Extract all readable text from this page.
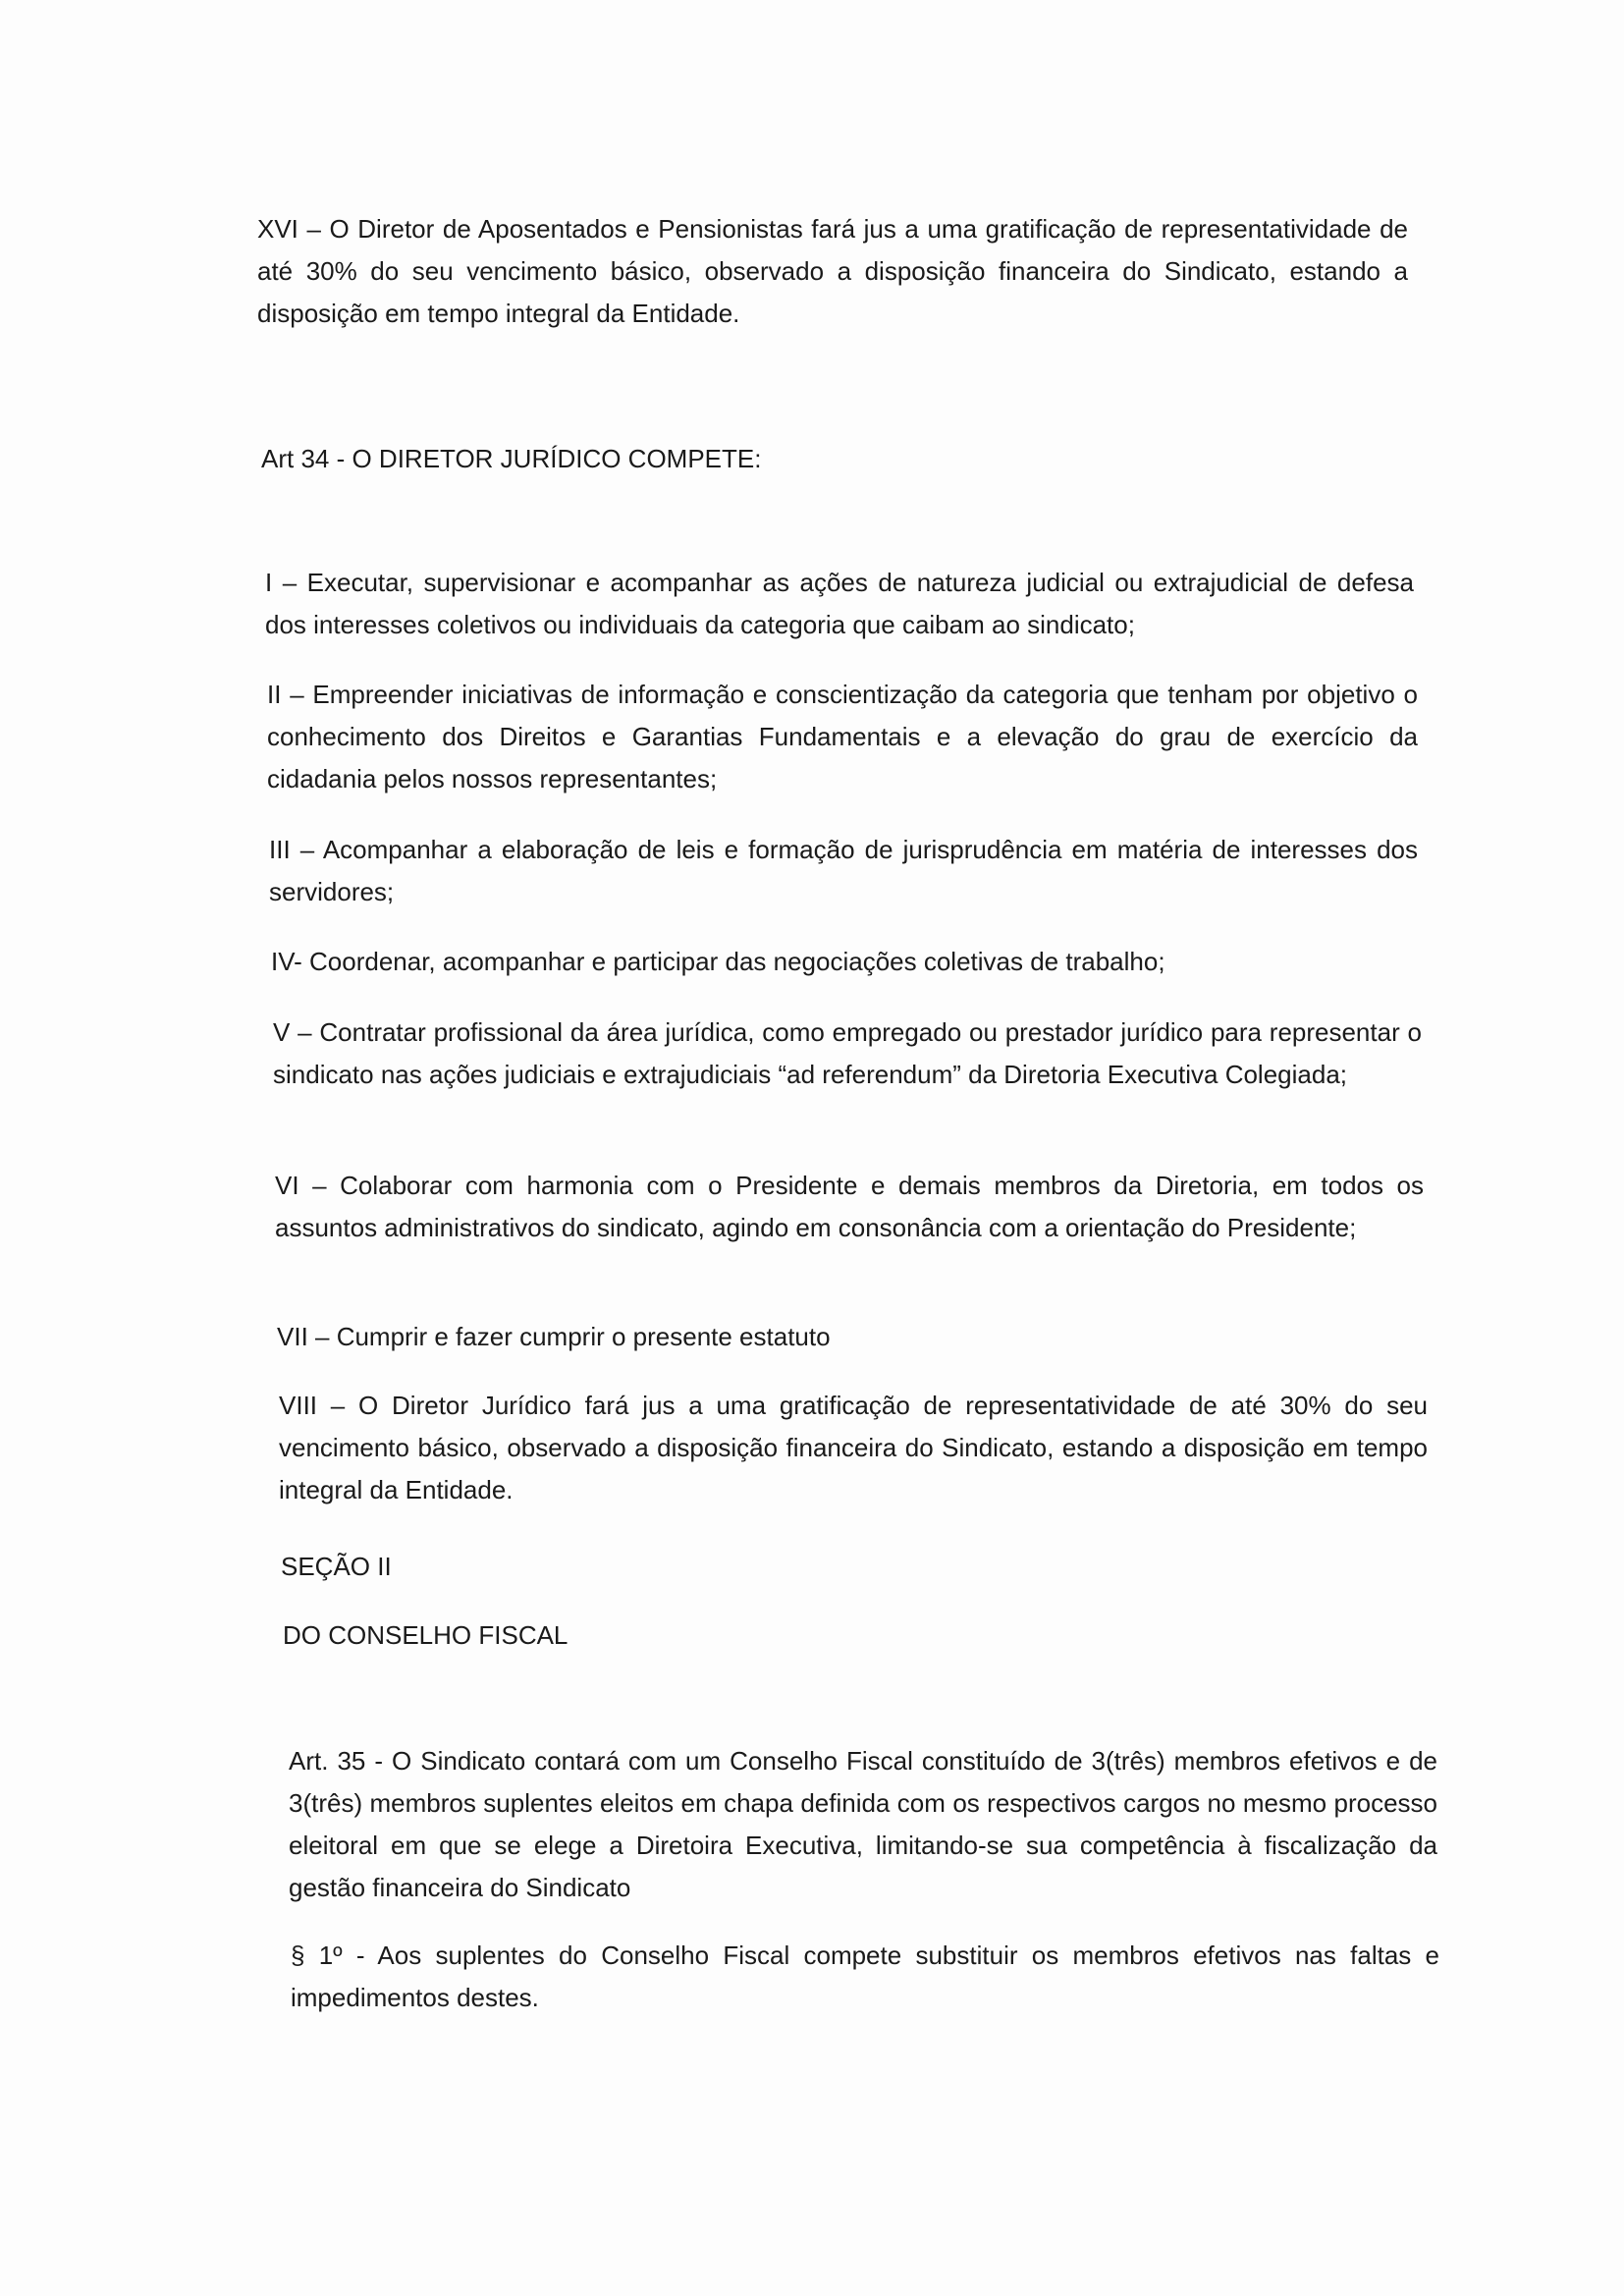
XVI – O Diretor de Aposentados e Pensionistas fará jus a uma gratificação de representatividade de até 30% do seu vencimento básico, observado a disposição financeira do Sindicato, estando a disposição em tempo integral da Entidade.

Art 34 - O DIRETOR JURÍDICO COMPETE:

I – Executar, supervisionar e acompanhar as ações de natureza judicial ou extrajudicial de defesa dos interesses coletivos ou individuais da categoria que caibam ao sindicato;

II – Empreender iniciativas de informação e conscientização da categoria que tenham por objetivo o conhecimento dos Direitos e Garantias Fundamentais e a elevação do grau de exercício da cidadania pelos nossos representantes;

III – Acompanhar a elaboração de leis e formação de jurisprudência em matéria de interesses dos servidores;

IV- Coordenar, acompanhar e participar das negociações coletivas de trabalho;

V – Contratar profissional da área jurídica, como empregado ou prestador jurídico para representar o sindicato nas ações judiciais e extrajudiciais “ad referendum” da Diretoria Executiva Colegiada;

VI – Colaborar com harmonia com o Presidente e demais membros da Diretoria, em todos os assuntos administrativos do sindicato, agindo em consonância com a orientação do Presidente;

VII – Cumprir e fazer cumprir o presente estatuto

VIII – O Diretor Jurídico fará jus a uma gratificação de representatividade de até 30% do seu vencimento básico, observado a disposição financeira do Sindicato, estando a disposição em tempo integral da Entidade.

SEÇÃO II

DO CONSELHO FISCAL

Art. 35 - O Sindicato contará com um Conselho Fiscal constituído de 3(três) membros efetivos e de 3(três) membros suplentes eleitos em chapa definida com os respectivos cargos no mesmo processo eleitoral em que se elege a Diretoira Executiva, limitando-se sua competência à fiscalização da gestão financeira do Sindicato

§ 1º - Aos suplentes do Conselho Fiscal compete substituir os membros efetivos nas faltas e impedimentos destes.
